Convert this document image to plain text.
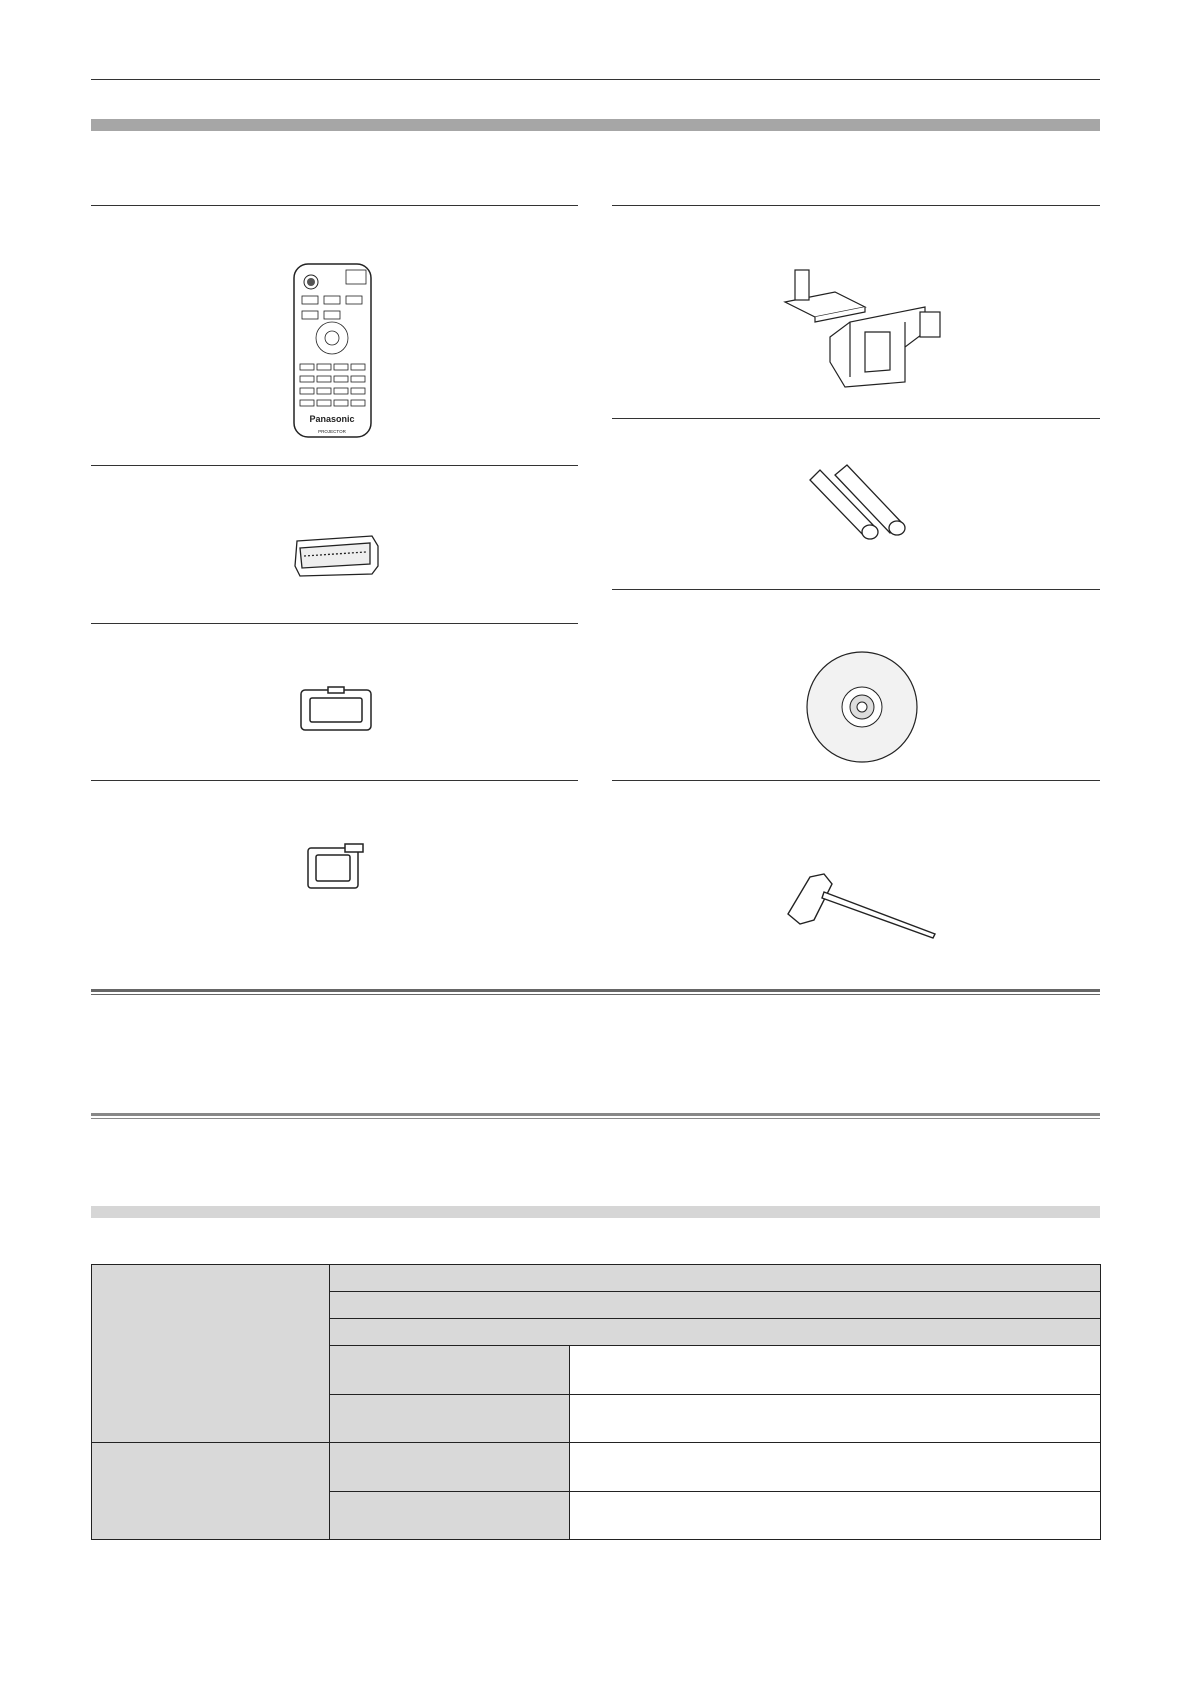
Panasonic
PROJECTOR
